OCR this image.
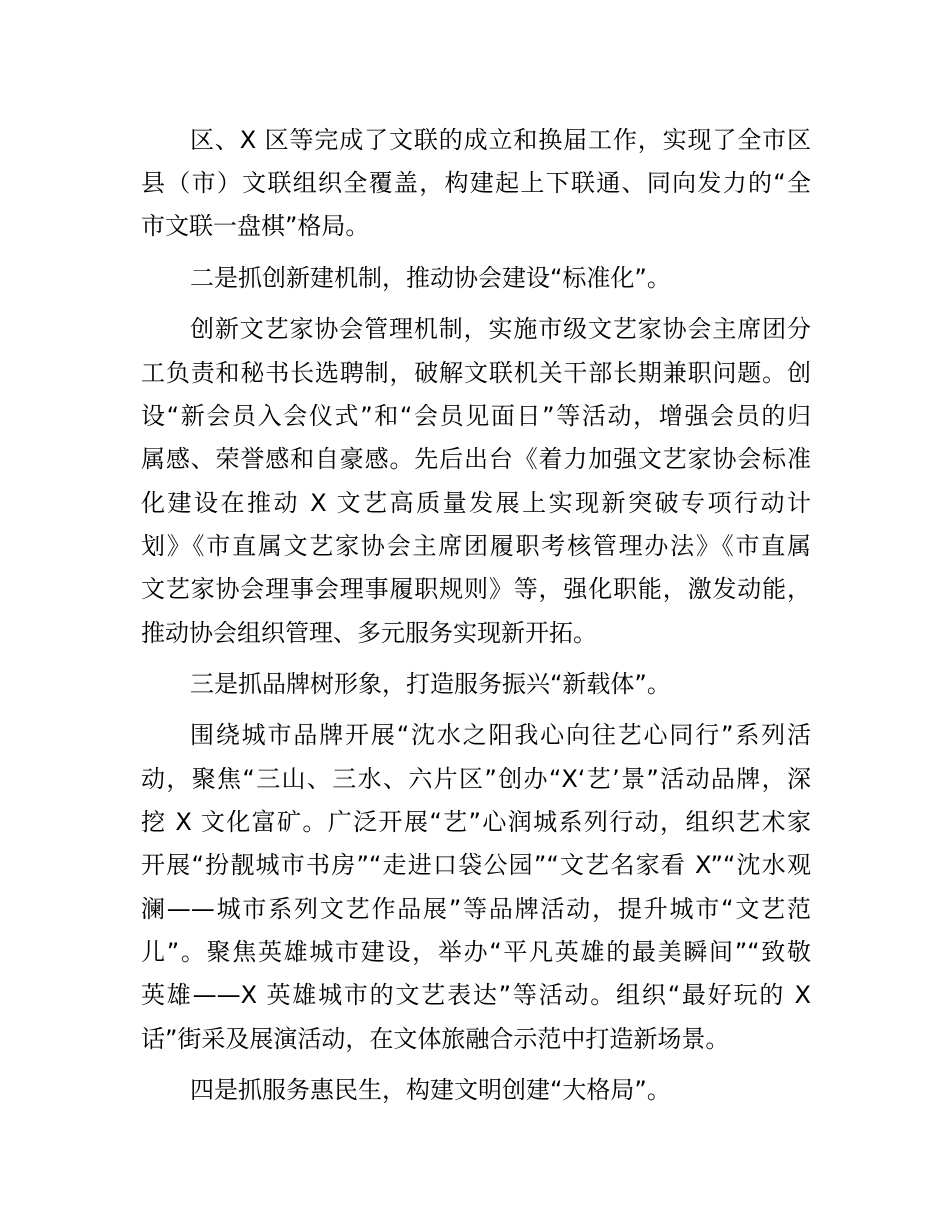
区、X 区等完成了文联的成立和换届工作，实现了全市区
县（市）文联组织全覆盖，构建起上下联通、同向发力的“全
市文联一盘棋”格局。
二是抓创新建机制，推动协会建设“标准化”。
创新文艺家协会管理机制，实施市级文艺家协会主席团分
工负责和秘书长选聘制，破解文联机关干部长期兼职问题。创
设“新会员入会仪式”和“会员见面日”等活动，增强会员的归
属感、荣誉感和自豪感。先后出台《着力加强文艺家协会标准
化建设在推动 X 文艺高质量发展上实现新突破专项行动计
划》《市直属文艺家协会主席团履职考核管理办法》《市直属
文艺家协会理事会理事履职规则》等，强化职能，激发动能，
推动协会组织管理、多元服务实现新开拓。
三是抓品牌树形象，打造服务振兴“新载体”。
围绕城市品牌开展“沈水之阳我心向往艺心同行”系列活
动，聚焦“三山、三水、六片区”创办“X‘艺’景”活动品牌，深
挖 X 文化富矿。广泛开展“艺”心润城系列行动，组织艺术家
开展“扮靓城市书房”“走进口袋公园”“文艺名家看 X”“沈水观
澜——城市系列文艺作品展”等品牌活动，提升城市“文艺范
儿”。聚焦英雄城市建设，举办“平凡英雄的最美瞬间”“致敬
英雄——X 英雄城市的文艺表达”等活动。组织“最好玩的 X
话”街采及展演活动，在文体旅融合示范中打造新场景。
四是抓服务惠民生，构建文明创建“大格局”。
